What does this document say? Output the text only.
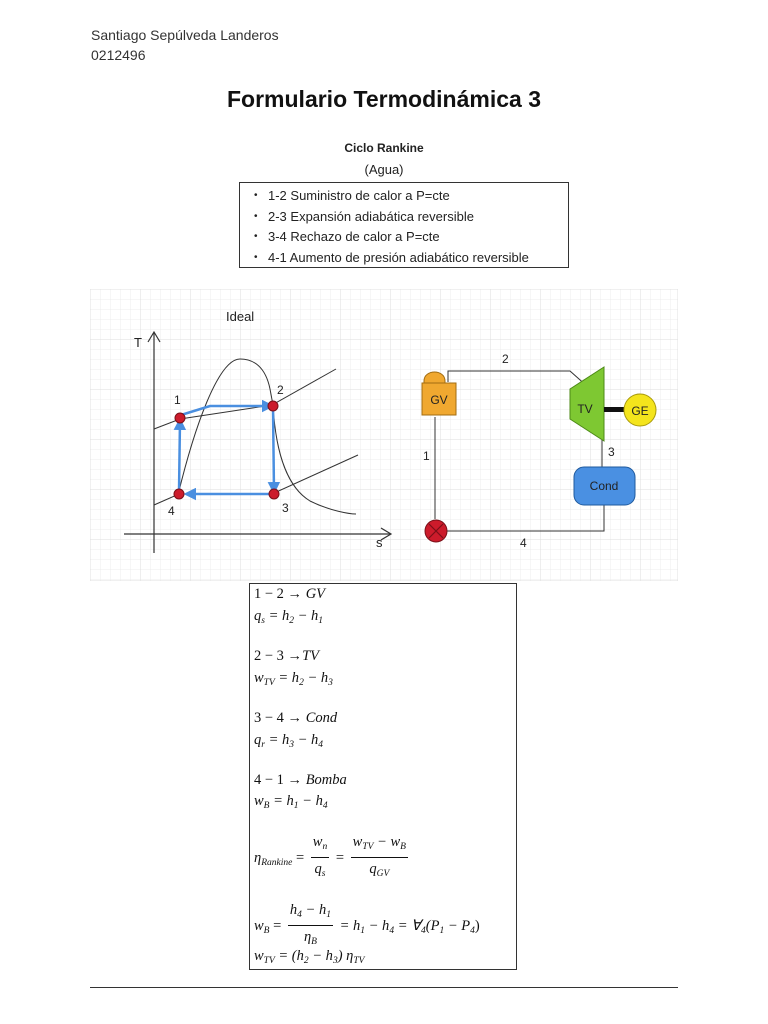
Santiago Sepúlveda Landeros
0212496
Formulario Termodinámica 3
Ciclo Rankine
(Agua)
• 1-2 Suministro de calor a P=cte
• 2-3 Expansión adiabática reversible
• 3-4 Rechazo de calor a P=cte
• 4-1 Aumento de presión adiabático reversible
Ideal
T
s
1
2
3
4
GV
TV	GE
Cond
1
2
3
4
1 − 2 → GV
$q_s = h_2 - h_1$
2 − 3 →TV
$w_{TV} = h_2 - h_3$
3 − 4 → Cond
$q_r = h_3 - h_4$
4 − 1 → Bomba
$w_B = h_1 - h_4$
$\eta_{Rankine} = \frac{w_n}{q_s} = \frac{w_{TV} - w_B}{q_{GV}}$
$w_B = \frac{h_4 - h_1}{\eta_B} = h_1 - h_4$ = $\forall_4(P_1 - P_4)$
$w_{TV} = (h_2 - h_3)$ $\eta_{TV}$
